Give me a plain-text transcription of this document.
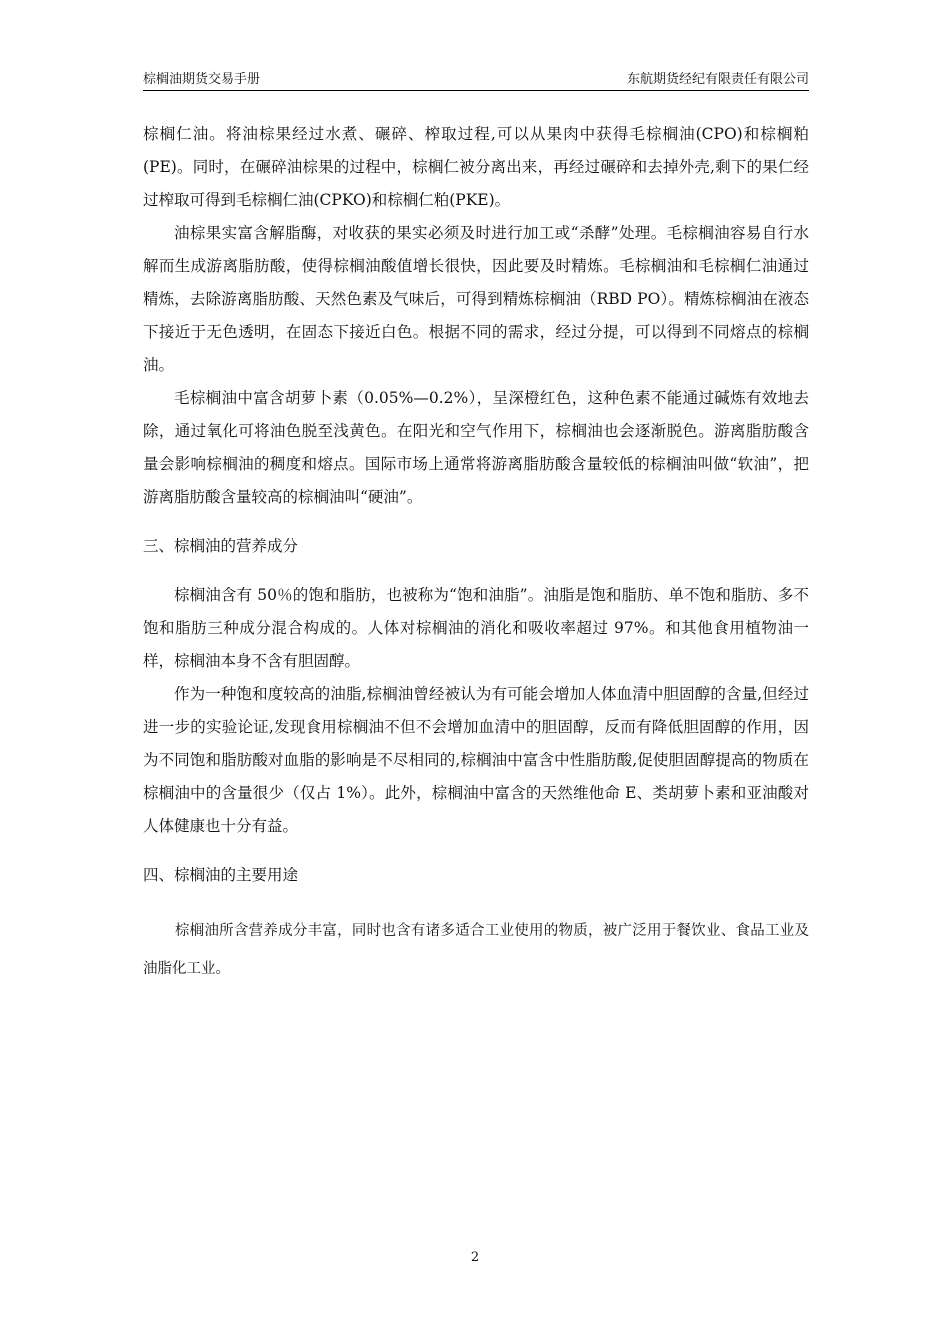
棕榈油期货交易手册	东航期货经纪有限责任有限公司

棕榈仁油。将油棕果经过水煮、碾碎、榨取过程,可以从果肉中获得毛棕榈油(CPO)和棕榈粕(PE)。同时，在碾碎油棕果的过程中，棕榈仁被分离出来，再经过碾碎和去掉外壳,剩下的果仁经过榨取可得到毛棕榈仁油(CPKO)和棕榈仁粕(PKE)。

油棕果实富含解脂酶，对收获的果实必须及时进行加工或“杀酵”处理。毛棕榈油容易自行水解而生成游离脂肪酸，使得棕榈油酸值增长很快，因此要及时精炼。毛棕榈油和毛棕榈仁油通过精炼，去除游离脂肪酸、天然色素及气味后，可得到精炼棕榈油（RBD PO）。精炼棕榈油在液态下接近于无色透明，在固态下接近白色。根据不同的需求，经过分提，可以得到不同熔点的棕榈油。

毛棕榈油中富含胡萝卜素（0.05%—0.2%），呈深橙红色，这种色素不能通过碱炼有效地去除，通过氧化可将油色脱至浅黄色。在阳光和空气作用下，棕榈油也会逐渐脱色。游离脂肪酸含量会影响棕榈油的稠度和熔点。国际市场上通常将游离脂肪酸含量较低的棕榈油叫做“软油”，把游离脂肪酸含量较高的棕榈油叫“硬油”。

三、棕榈油的营养成分

棕榈油含有 50％的饱和脂肪，也被称为“饱和油脂”。油脂是饱和脂肪、单不饱和脂肪、多不饱和脂肪三种成分混合构成的。人体对棕榈油的消化和吸收率超过 97%。和其他食用植物油一样，棕榈油本身不含有胆固醇。

作为一种饱和度较高的油脂,棕榈油曾经被认为有可能会增加人体血清中胆固醇的含量,但经过进一步的实验论证,发现食用棕榈油不但不会增加血清中的胆固醇，反而有降低胆固醇的作用，因为不同饱和脂肪酸对血脂的影响是不尽相同的,棕榈油中富含中性脂肪酸,促使胆固醇提高的物质在棕榈油中的含量很少（仅占 1%）。此外，棕榈油中富含的天然维他命 E、类胡萝卜素和亚油酸对人体健康也十分有益。

四、棕榈油的主要用途

棕榈油所含营养成分丰富，同时也含有诸多适合工业使用的物质，被广泛用于餐饮业、食品工业及油脂化工业。

2
